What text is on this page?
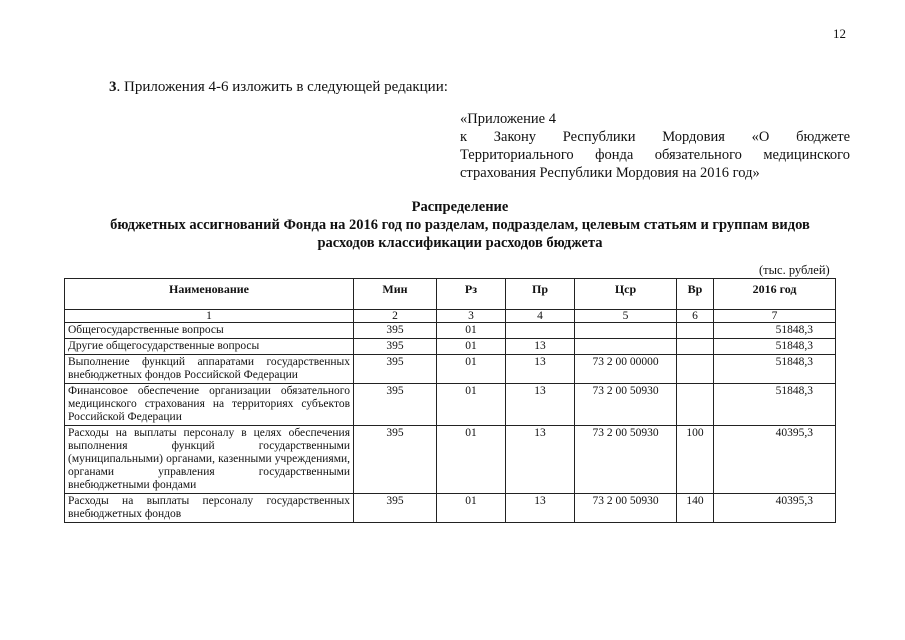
12
3. Приложения 4-6 изложить в следующей редакции:
«Приложение 4
к Закону Республики Мордовия «О бюджете
Территориального фонда обязательного медицинского
страхования Республики Мордовия на 2016 год»
Распределение
бюджетных ассигнований Фонда на 2016 год по разделам, подразделам, целевым статьям и группам видов
расходов классификации расходов бюджета
(тыс. рублей)
Наименование	Мин	Рз	Пр	Цср	Вр	2016 год
1	2	3	4	5	6	7
Общегосударственные вопросы	395	01				51848,3
Другие общегосударственные вопросы	395	01	13			51848,3
Выполнение функций аппаратами государственных внебюджетных фондов Российской Федерации	395	01	13	73 2 00 00000		51848,3
Финансовое обеспечение организации обязательного медицинского страхования на территориях субъектов Российской Федерации	395	01	13	73 2 00 50930		51848,3
Расходы на выплаты персоналу в целях обеспечения выполнения функций государственными (муниципальными) органами, казенными учреждениями, органами управления государственными внебюджетными фондами	395	01	13	73 2 00 50930	100	40395,3
Расходы на выплаты персоналу государственных внебюджетных фондов	395	01	13	73 2 00 50930	140	40395,3
